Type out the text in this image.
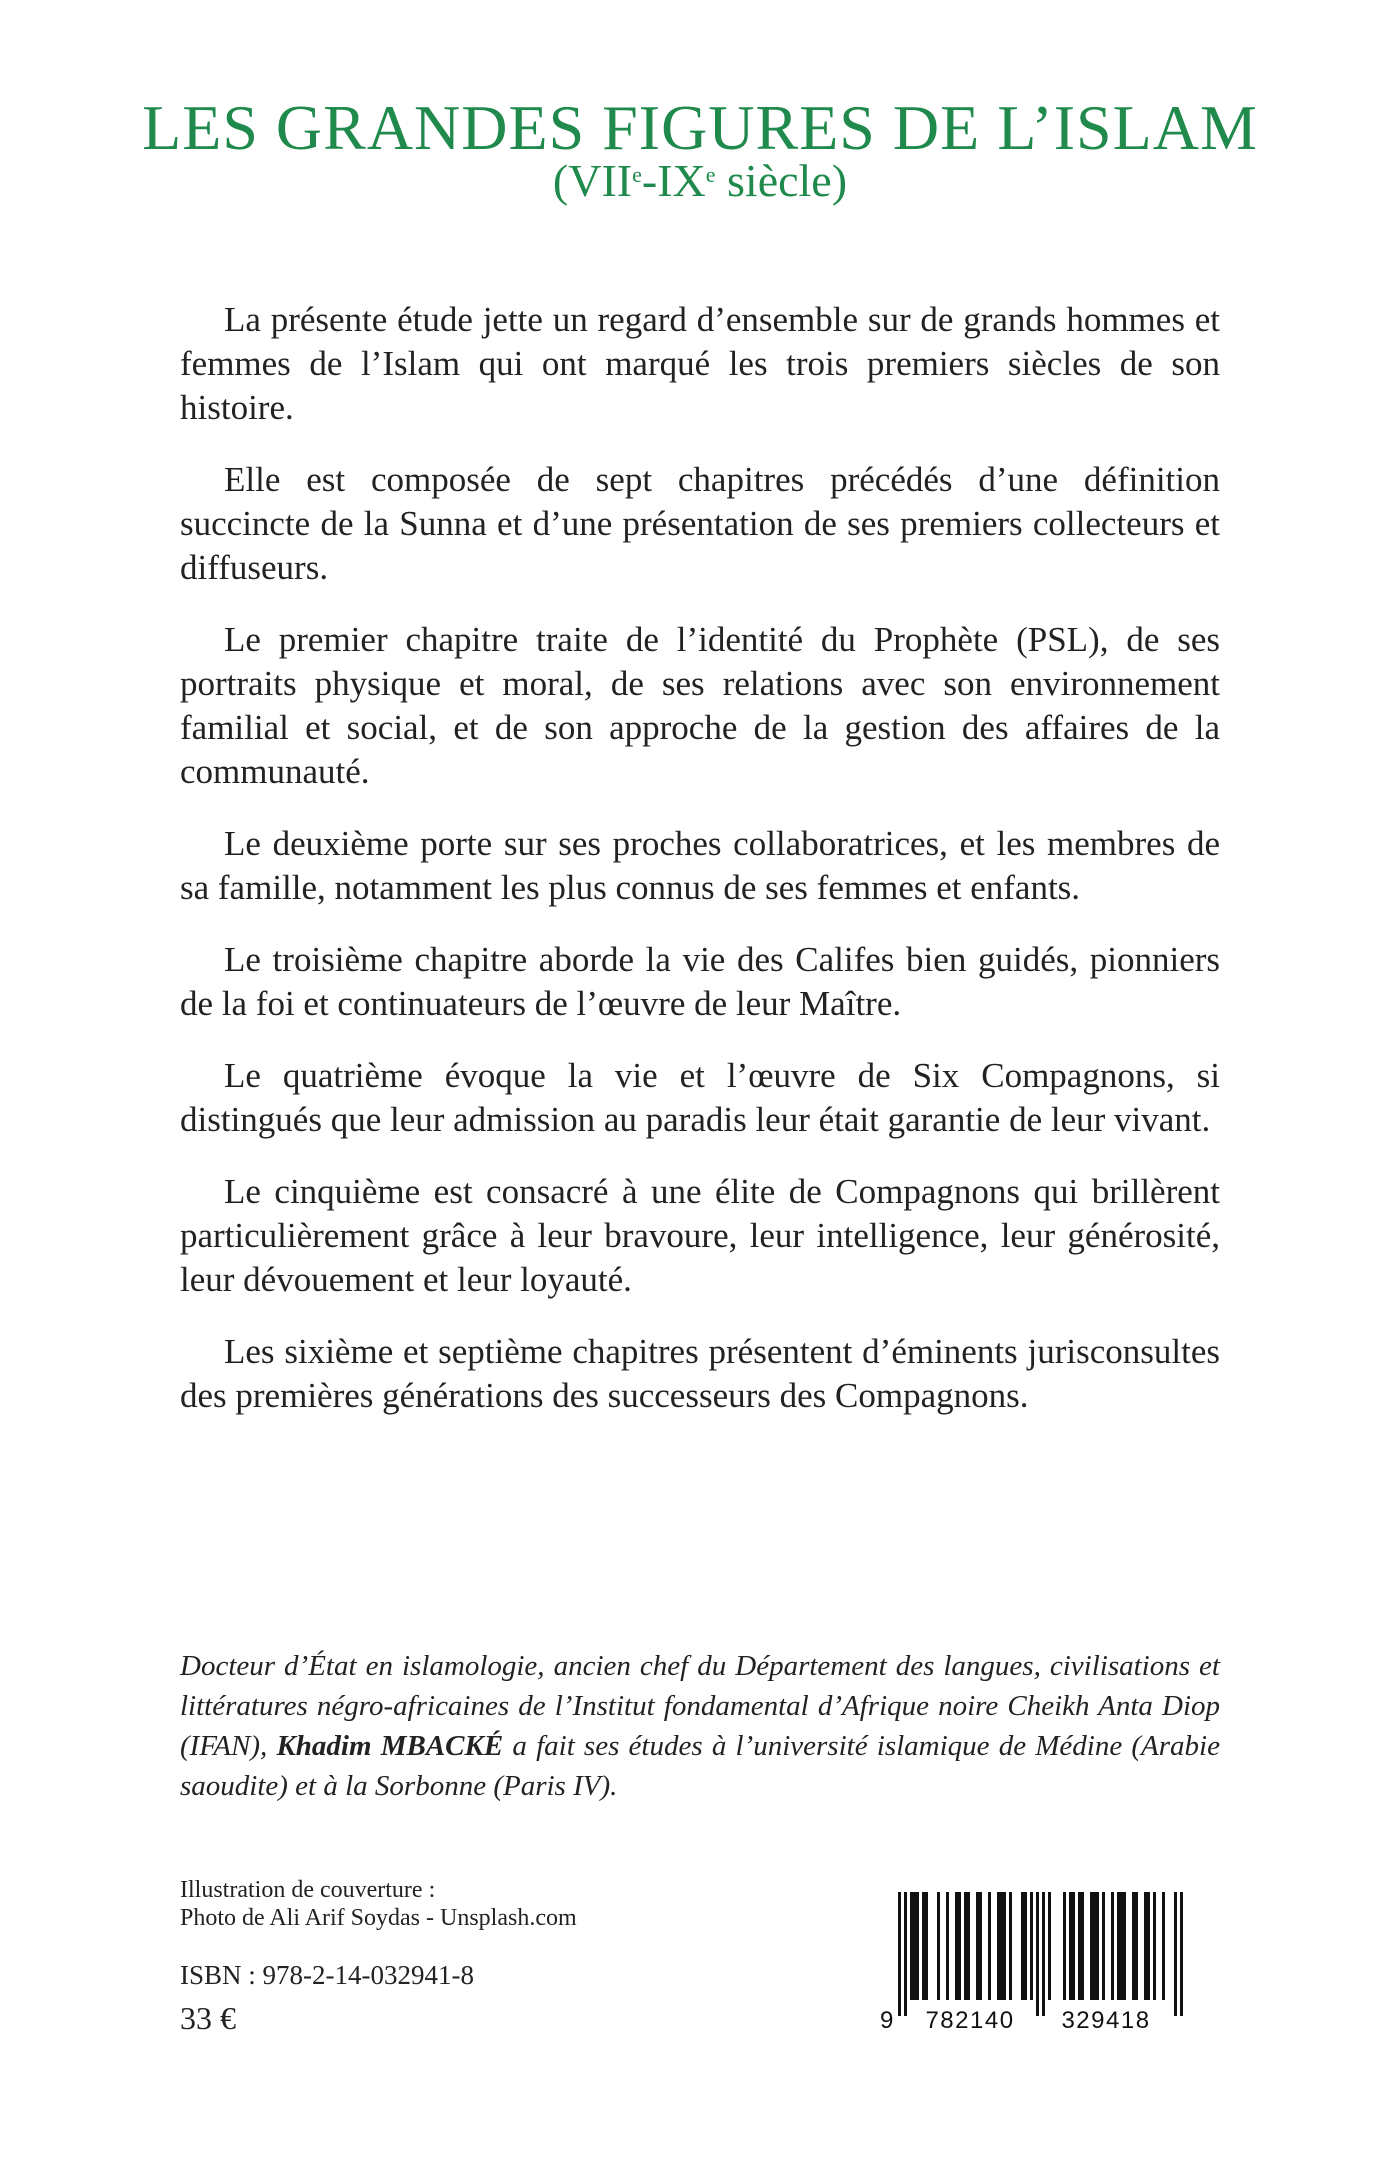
LES GRANDES FIGURES DE L’ISLAM
(VIIe-IXe siècle)

La présente étude jette un regard d’ensemble sur de grands hommes et femmes de l’Islam qui ont marqué les trois premiers siècles de son histoire.

Elle est composée de sept chapitres précédés d’une définition succincte de la Sunna et d’une présentation de ses premiers collecteurs et diffuseurs.

Le premier chapitre traite de l’identité du Prophète (PSL), de ses portraits physique et moral, de ses relations avec son environnement familial et social, et de son approche de la gestion des affaires de la communauté.

Le deuxième porte sur ses proches collaboratrices, et les membres de sa famille, notamment les plus connus de ses femmes et enfants.

Le troisième chapitre aborde la vie des Califes bien guidés, pionniers de la foi et continuateurs de l’œuvre de leur Maître.

Le quatrième évoque la vie et l’œuvre de Six Compagnons, si distingués que leur admission au paradis leur était garantie de leur vivant.

Le cinquième est consacré à une élite de Compagnons qui brillèrent particulièrement grâce à leur bravoure, leur intelligence, leur générosité, leur dévouement et leur loyauté.

Les sixième et septième chapitres présentent d’éminents jurisconsultes des premières générations des successeurs des Compagnons.

Docteur d’État en islamologie, ancien chef du Département des langues, civilisations et littératures négro-africaines de l’Institut fondamental d’Afrique noire Cheikh Anta Diop (IFAN), Khadim MBACKÉ a fait ses études à l’université islamique de Médine (Arabie saoudite) et à la Sorbonne (Paris IV).

Illustration de couverture :
Photo de Ali Arif Soydas - Unsplash.com
ISBN : 978-2-14-032941-8
33 €	9 782140 329418
